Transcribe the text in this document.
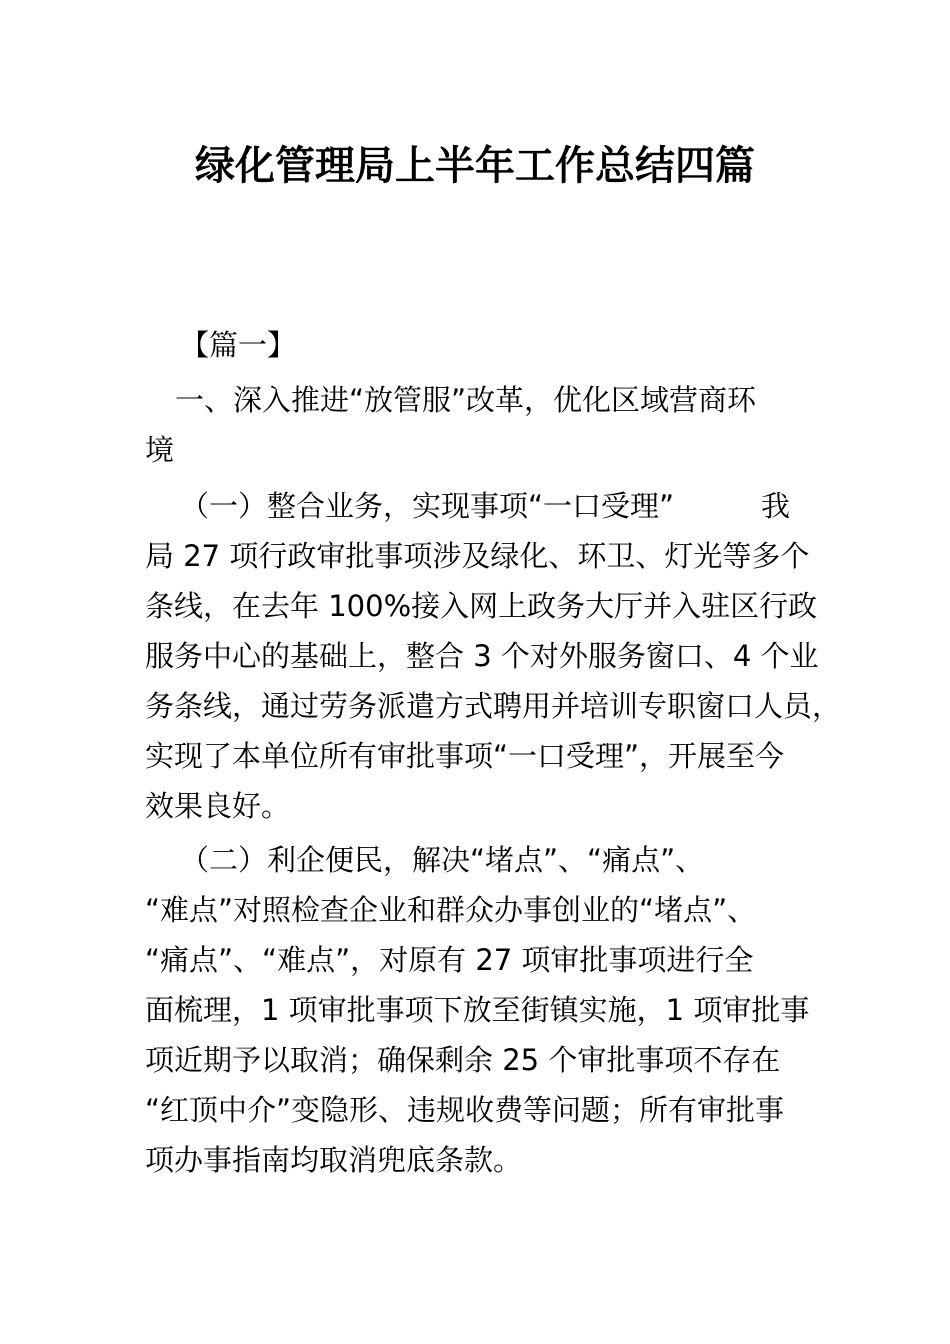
绿化管理局上半年工作总结四篇

【篇一】

一、深入推进“放管服”改革，优化区域营商环

境

（一）整合业务，实现事项“一口受理”　　　我

局 27 项行政审批事项涉及绿化、环卫、灯光等多个

条线，在去年 100%接入网上政务大厅并入驻区行政

服务中心的基础上，整合 3 个对外服务窗口、4 个业

务条线，通过劳务派遣方式聘用并培训专职窗口人员，

实现了本单位所有审批事项“一口受理”，开展至今

效果良好。

（二）利企便民，解决“堵点”、“痛点”、

“难点”对照检查企业和群众办事创业的“堵点”、

“痛点”、“难点”，对原有 27 项审批事项进行全

面梳理，1 项审批事项下放至街镇实施，1 项审批事

项近期予以取消；确保剩余 25 个审批事项不存在

“红顶中介”变隐形、违规收费等问题；所有审批事

项办事指南均取消兜底条款。
